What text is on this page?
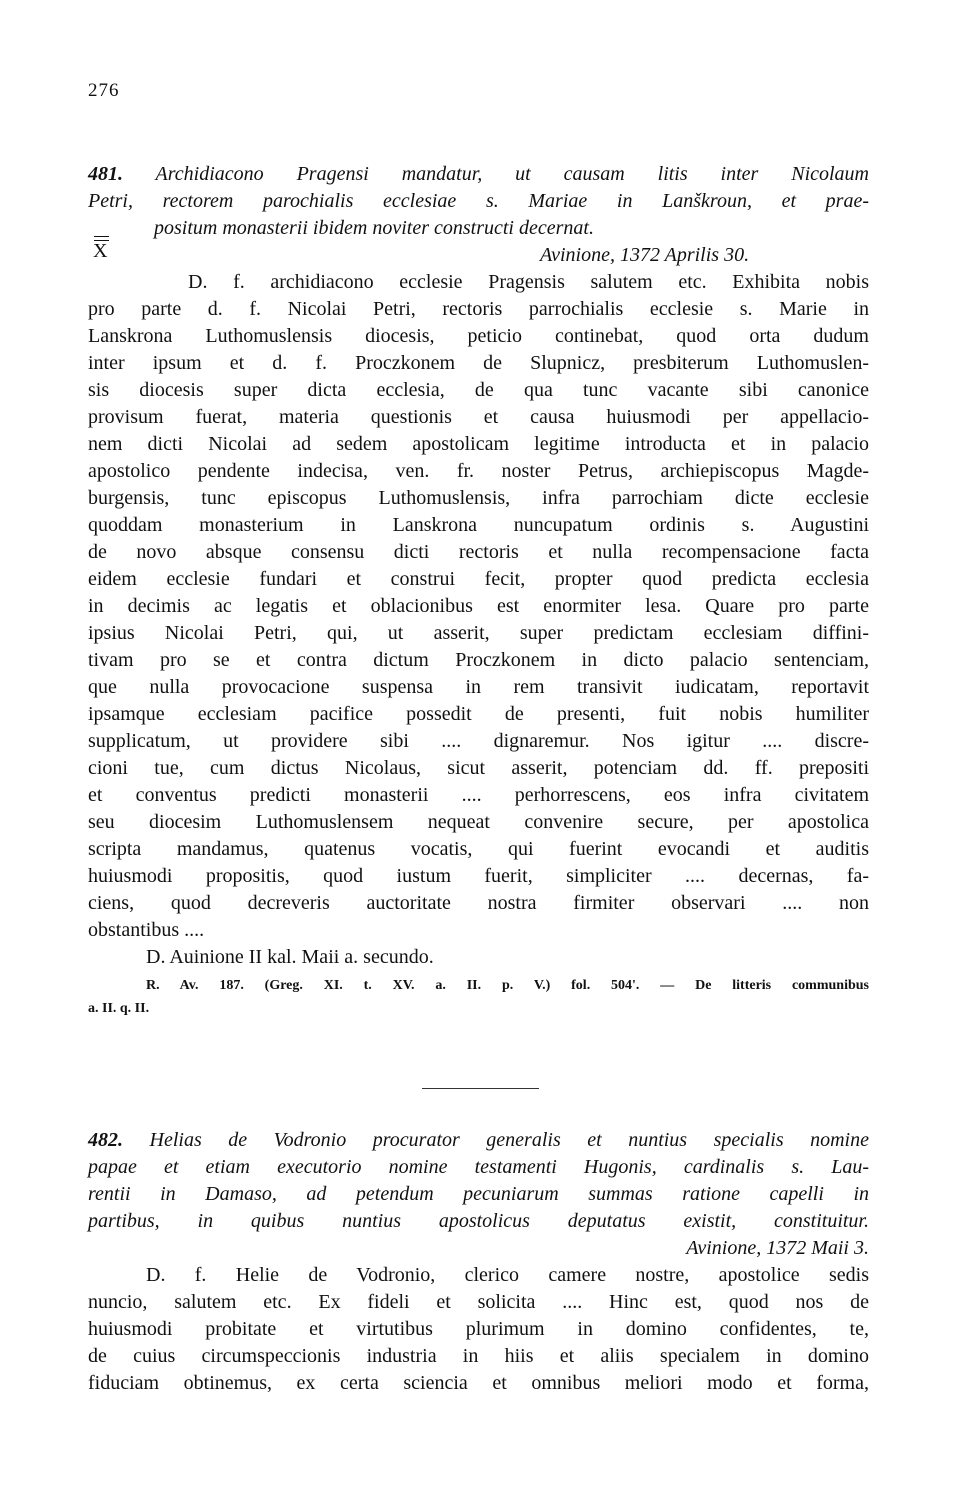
276
481. Archidiacono Pragensi mandatur, ut causam litis inter Nicolaum
Petri, rectorem parochialis ecclesiae s. Mariae in Lanškroun, et prae-
positum monasterii ibidem noviter constructi decernat.
X	Avinione, 1372 Aprilis 30.
D. f. archidiacono ecclesie Pragensis salutem etc. Exhibita nobis
pro parte d. f. Nicolai Petri, rectoris parrochialis ecclesie s. Marie in
Lanskrona Luthomuslensis diocesis, peticio continebat, quod orta dudum
inter ipsum et d. f. Proczkonem de Slupnicz, presbiterum Luthomuslen-
sis diocesis super dicta ecclesia, de qua tunc vacante sibi canonice
provisum fuerat, materia questionis et causa huiusmodi per appellacio-
nem dicti Nicolai ad sedem apostolicam legitime introducta et in palacio
apostolico pendente indecisa, ven. fr. noster Petrus, archiepiscopus Magde-
burgensis, tunc episcopus Luthomuslensis, infra parrochiam dicte ecclesie
quoddam monasterium in Lanskrona nuncupatum ordinis s. Augustini
de novo absque consensu dicti rectoris et nulla recompensacione facta
eidem ecclesie fundari et construi fecit, propter quod predicta ecclesia
in decimis ac legatis et oblacionibus est enormiter lesa. Quare pro parte
ipsius Nicolai Petri, qui, ut asserit, super predictam ecclesiam diffini-
tivam pro se et contra dictum Proczkonem in dicto palacio sentenciam,
que nulla provocacione suspensa in rem transivit iudicatam, reportavit
ipsamque ecclesiam pacifice possedit de presenti, fuit nobis humiliter
supplicatum, ut providere sibi .... dignaremur. Nos igitur .... discre-
cioni tue, cum dictus Nicolaus, sicut asserit, potenciam dd. ff. prepositi
et conventus predicti monasterii .... perhorrescens, eos infra civitatem
seu diocesim Luthomuslensem nequeat convenire secure, per apostolica
scripta mandamus, quatenus vocatis, qui fuerint evocandi et auditis
huiusmodi propositis, quod iustum fuerit, simpliciter .... decernas, fa-
ciens, quod decreveris auctoritate nostra firmiter observari .... non
obstantibus ....
D. Auinione II kal. Maii a. secundo.
R. Av. 187. (Greg. XI. t. XV. a. II. p. V.) fol. 504'. — De litteris communibus
a. II. q. II.
482. Helias de Vodronio procurator generalis et nuntius specialis nomine
papae et etiam executorio nomine testamenti Hugonis, cardinalis s. Lau-
rentii in Damaso, ad petendum pecuniarum summas ratione capelli in
partibus, in quibus nuntius apostolicus deputatus existit, constituitur.
Avinione, 1372 Maii 3.
D. f. Helie de Vodronio, clerico camere nostre, apostolice sedis
nuncio, salutem etc. Ex fideli et solicita .... Hinc est, quod nos de
huiusmodi probitate et virtutibus plurimum in domino confidentes, te,
de cuius circumspeccionis industria in hiis et aliis specialem in domino
fiduciam obtinemus, ex certa sciencia et omnibus meliori modo et forma,
